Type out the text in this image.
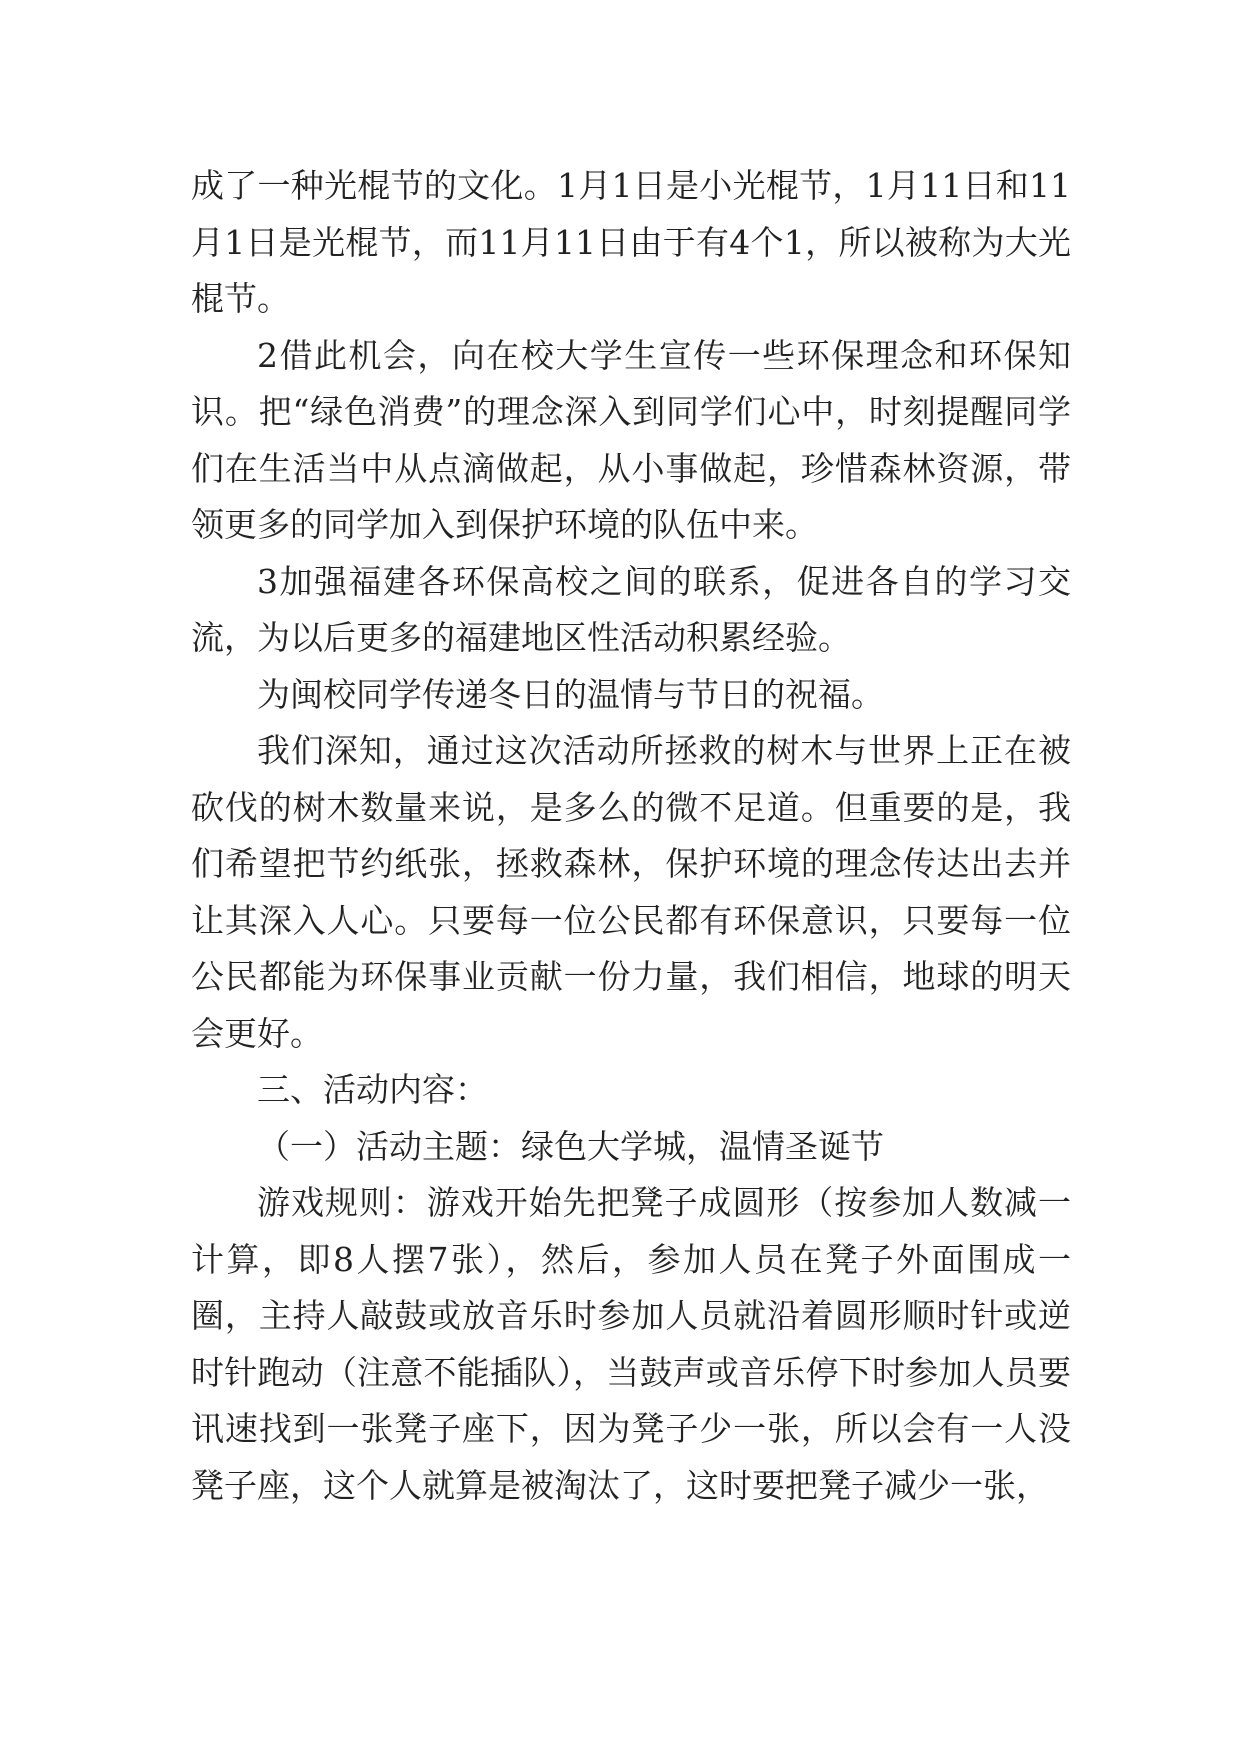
成了一种光棍节的文化。1月1日是小光棍节，1月11日和11月1日是光棍节，而11月11日由于有4个1，所以被称为大光棍节。

2借此机会，向在校大学生宣传一些环保理念和环保知识。把“绿色消费”的理念深入到同学们心中，时刻提醒同学们在生活当中从点滴做起，从小事做起，珍惜森林资源，带领更多的同学加入到保护环境的队伍中来。

3加强福建各环保高校之间的联系，促进各自的学习交流，为以后更多的福建地区性活动积累经验。

为闽校同学传递冬日的温情与节日的祝福。

我们深知，通过这次活动所拯救的树木与世界上正在被砍伐的树木数量来说，是多么的微不足道。但重要的是，我们希望把节约纸张，拯救森林，保护环境的理念传达出去并让其深入人心。只要每一位公民都有环保意识，只要每一位公民都能为环保事业贡献一份力量，我们相信，地球的明天会更好。

三、活动内容：

（一）活动主题：绿色大学城，温情圣诞节

游戏规则：游戏开始先把凳子成圆形（按参加人数减一计算，即8人摆7张），然后，参加人员在凳子外面围成一圈，主持人敲鼓或放音乐时参加人员就沿着圆形顺时针或逆时针跑动（注意不能插队），当鼓声或音乐停下时参加人员要讯速找到一张凳子座下，因为凳子少一张，所以会有一人没凳子座，这个人就算是被淘汰了，这时要把凳子减少一张，
